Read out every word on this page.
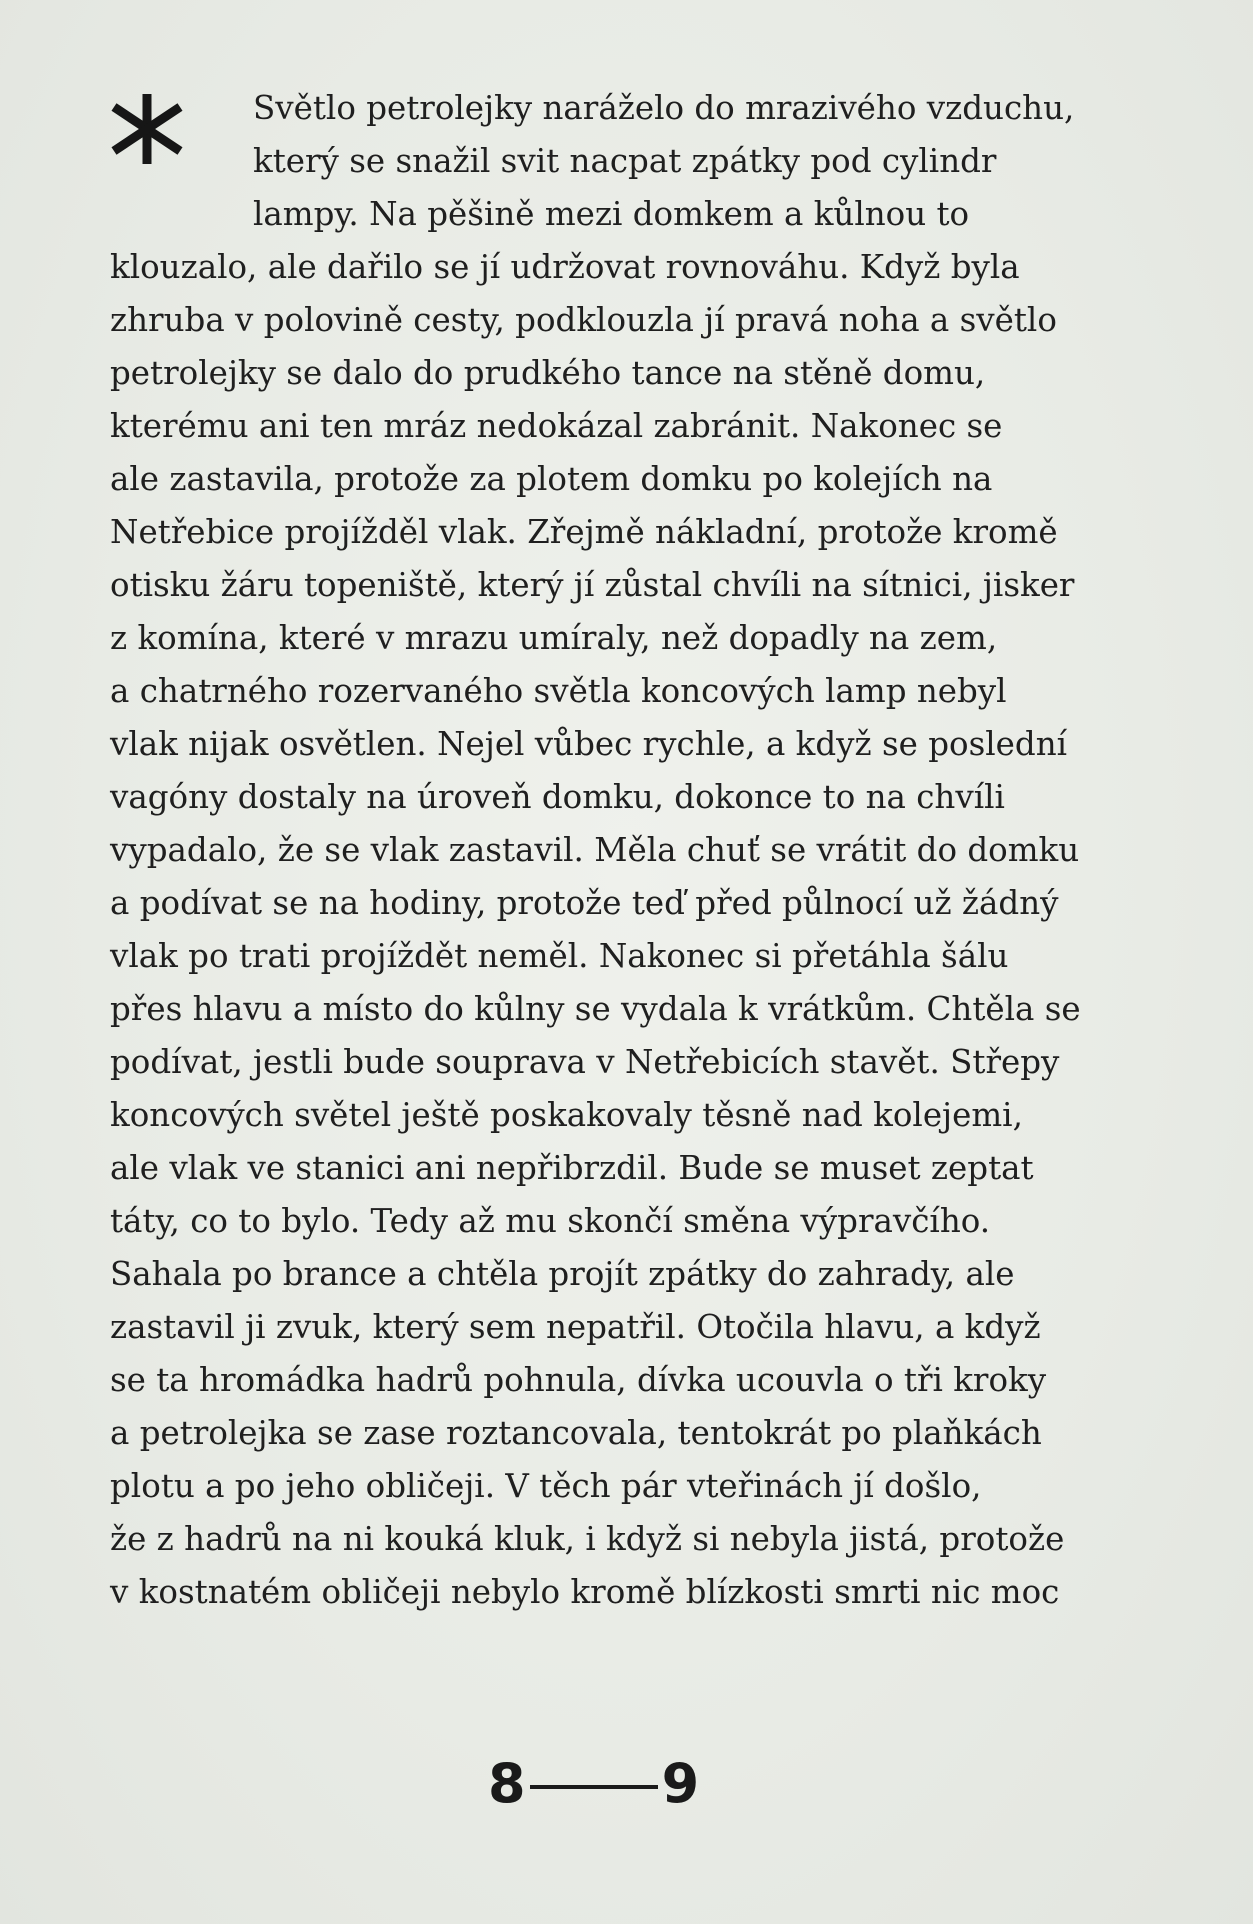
Světlo petrolejky naráželo do mrazivého vzduchu,
který se snažil svit nacpat zpátky pod cylindr
lampy. Na pěšině mezi domkem a kůlnou to
klouzalo, ale dařilo se jí udržovat rovnováhu. Když byla
zhruba v polovině cesty, podklouzla jí pravá noha a světlo
petrolejky se dalo do prudkého tance na stěně domu,
kterému ani ten mráz nedokázal zabránit. Nakonec se
ale zastavila, protože za plotem domku po kolejích na
Netřebice projížděl vlak. Zřejmě nákladní, protože kromě
otisku žáru topeniště, který jí zůstal chvíli na sítnici, jisker
z komína, které v mrazu umíraly, než dopadly na zem,
a chatrného rozervaného světla koncových lamp nebyl
vlak nijak osvětlen. Nejel vůbec rychle, a když se poslední
vagóny dostaly na úroveň domku, dokonce to na chvíli
vypadalo, že se vlak zastavil. Měla chuť se vrátit do domku
a podívat se na hodiny, protože teď před půlnocí už žádný
vlak po trati projíždět neměl. Nakonec si přetáhla šálu
přes hlavu a místo do kůlny se vydala k vrátkům. Chtěla se
podívat, jestli bude souprava v Netřebicích stavět. Střepy
koncových světel ještě poskakovaly těsně nad kolejemi,
ale vlak ve stanici ani nepřibrzdil. Bude se muset zeptat
táty, co to bylo. Tedy až mu skončí směna výpravčího.
Sahala po brance a chtěla projít zpátky do zahrady, ale
zastavil ji zvuk, který sem nepatřil. Otočila hlavu, a když
se ta hromádka hadrů pohnula, dívka ucouvla o tři kroky
a petrolejka se zase roztancovala, tentokrát po plaňkách
plotu a po jeho obličeji. V těch pár vteřinách jí došlo,
že z hadrů na ni kouká kluk, i když si nebyla jistá, protože
v kostnatém obličeji nebylo kromě blízkosti smrti nic moc
8	9
